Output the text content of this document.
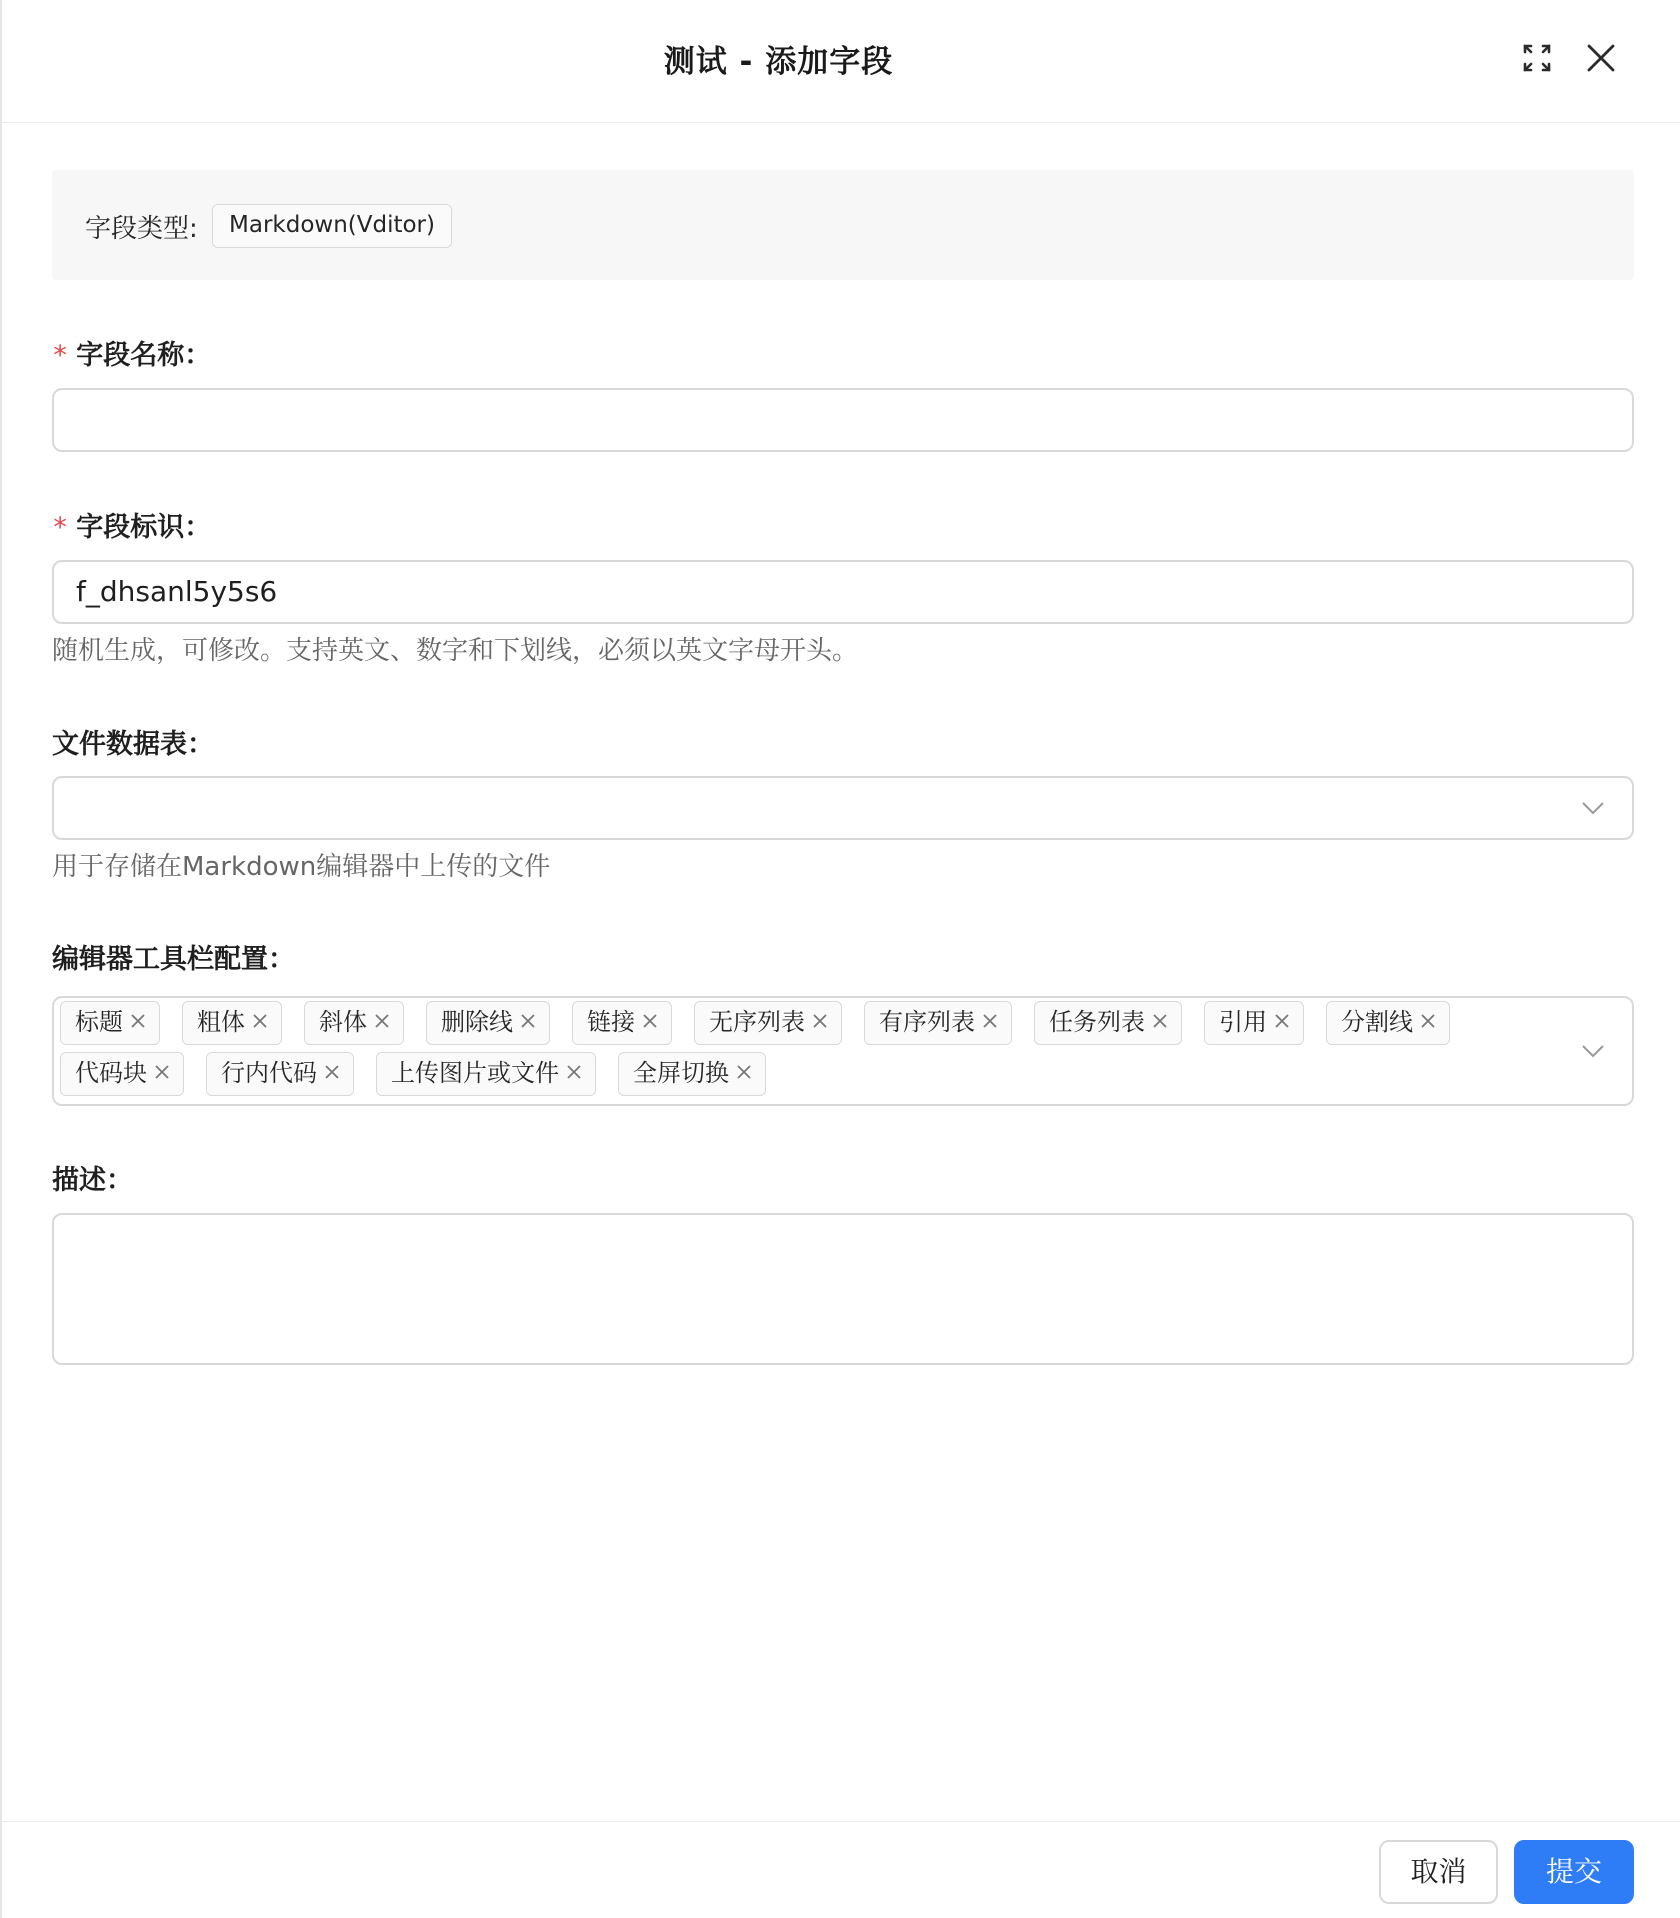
测试 - 添加字段
字段类型:	Markdown(Vditor)
* 字段名称：
* 字段标识：
f_dhsanl5y5s6
随机生成，可修改。支持英文、数字和下划线，必须以英文字母开头。
文件数据表：
用于存储在Markdown编辑器中上传的文件
编辑器工具栏配置：
标题	粗体	斜体	删除线	链接	无序列表	有序列表	任务列表	引用	分割线
代码块	行内代码	上传图片或文件	全屏切换
描述：
取消	提交
